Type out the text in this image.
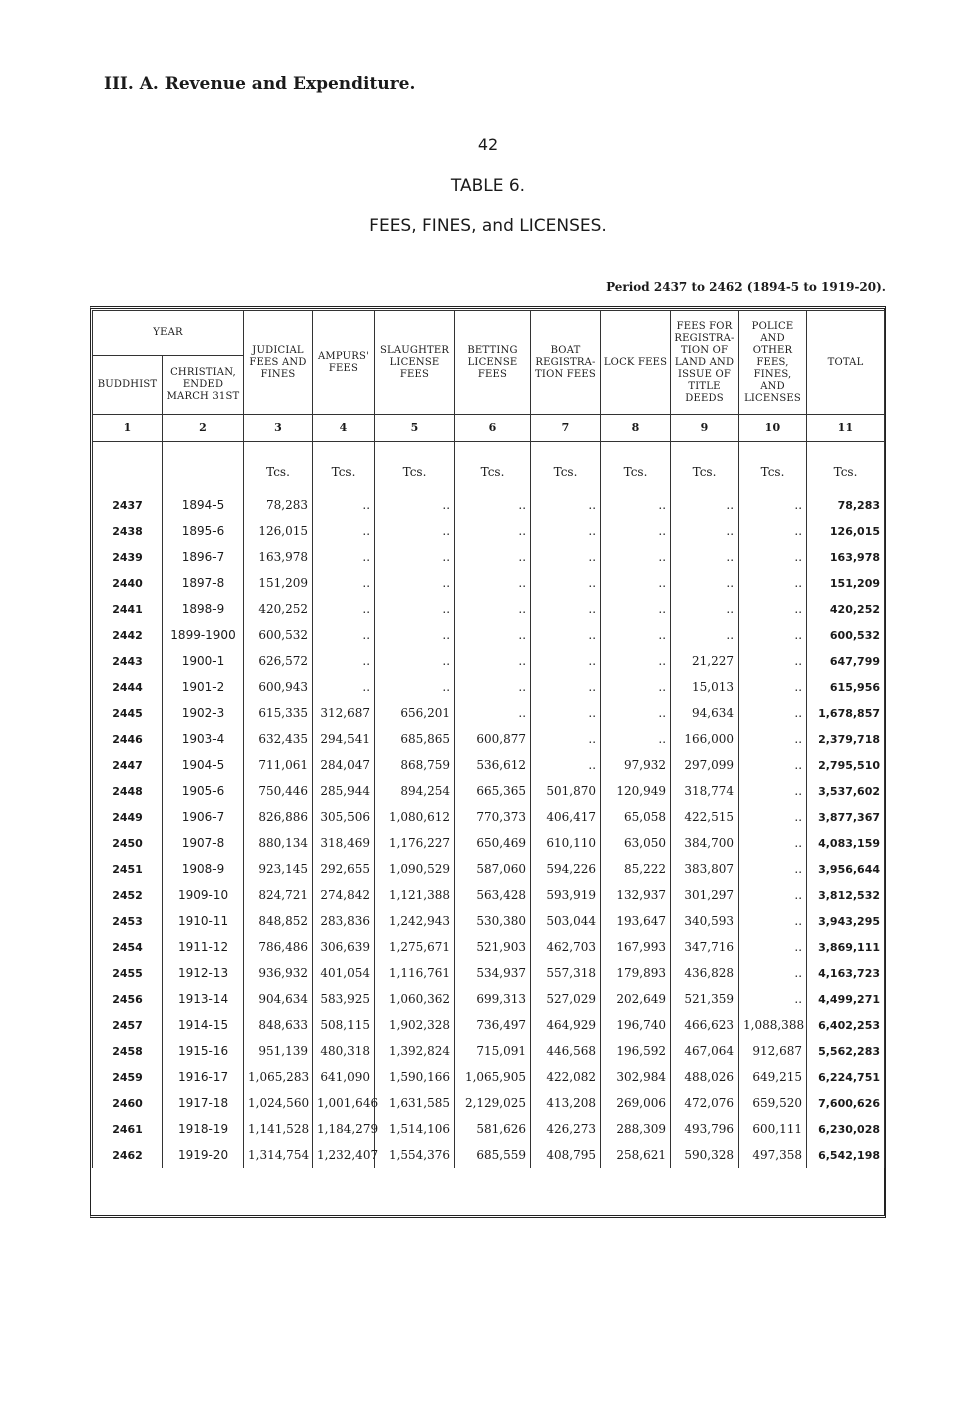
III. A. Revenue and Expenditure.
42
TABLE 6.
FEES, FINES, and LICENSES.
Period 2437 to 2462 (1894-5 to 1919-20).
YEAR		JUDICIAL FEES AND FINES	AMPURS' FEES	SLAUGHTER LICENSE FEES	BETTING LICENSE FEES	BOAT REGISTRA-TION FEES	LOCK FEES	FEES FOR REGISTRA-TION OF LAND AND ISSUE OF TITLE DEEDS	POLICE AND OTHER FEES, FINES, AND LICENSES	TOTAL
BUDDHIST	CHRISTIAN, ENDED MARCH 31ST									
1	2	3	4	5	6	7	8	9	10	11
		Tcs.	Tcs.	Tcs.	Tcs.	Tcs.	Tcs.	Tcs.	Tcs.	Tcs.
2437	1894-5	78,283	..	..	..	..	..	..	..	78,283
2438	1895-6	126,015	..	..	..	..	..	..	..	126,015
2439	1896-7	163,978	..	..	..	..	..	..	..	163,978
2440	1897-8	151,209	..	..	..	..	..	..	..	151,209
2441	1898-9	420,252	..	..	..	..	..	..	..	420,252
2442	1899-1900	600,532	..	..	..	..	..	..	..	600,532
2443	1900-1	626,572	..	..	..	..	..	21,227	..	647,799
2444	1901-2	600,943	..	..	..	..	..	15,013	..	615,956
2445	1902-3	615,335	312,687	656,201	..	..	..	94,634	..	1,678,857
2446	1903-4	632,435	294,541	685,865	600,877	..	..	166,000	..	2,379,718
2447	1904-5	711,061	284,047	868,759	536,612	..	97,932	297,099	..	2,795,510
2448	1905-6	750,446	285,944	894,254	665,365	501,870	120,949	318,774	..	3,537,602
2449	1906-7	826,886	305,506	1,080,612	770,373	406,417	65,058	422,515	..	3,877,367
2450	1907-8	880,134	318,469	1,176,227	650,469	610,110	63,050	384,700	..	4,083,159
2451	1908-9	923,145	292,655	1,090,529	587,060	594,226	85,222	383,807	..	3,956,644
2452	1909-10	824,721	274,842	1,121,388	563,428	593,919	132,937	301,297	..	3,812,532
2453	1910-11	848,852	283,836	1,242,943	530,380	503,044	193,647	340,593	..	3,943,295
2454	1911-12	786,486	306,639	1,275,671	521,903	462,703	167,993	347,716	..	3,869,111
2455	1912-13	936,932	401,054	1,116,761	534,937	557,318	179,893	436,828	..	4,163,723
2456	1913-14	904,634	583,925	1,060,362	699,313	527,029	202,649	521,359	..	4,499,271
2457	1914-15	848,633	508,115	1,902,328	736,497	464,929	196,740	466,623	1,088,388	6,402,253
2458	1915-16	951,139	480,318	1,392,824	715,091	446,568	196,592	467,064	912,687	5,562,283
2459	1916-17	1,065,283	641,090	1,590,166	1,065,905	422,082	302,984	488,026	649,215	6,224,751
2460	1917-18	1,024,560	1,001,646	1,631,585	2,129,025	413,208	269,006	472,076	659,520	7,600,626
2461	1918-19	1,141,528	1,184,279	1,514,106	581,626	426,273	288,309	493,796	600,111	6,230,028
2462	1919-20	1,314,754	1,232,407	1,554,376	685,559	408,795	258,621	590,328	497,358	6,542,198
